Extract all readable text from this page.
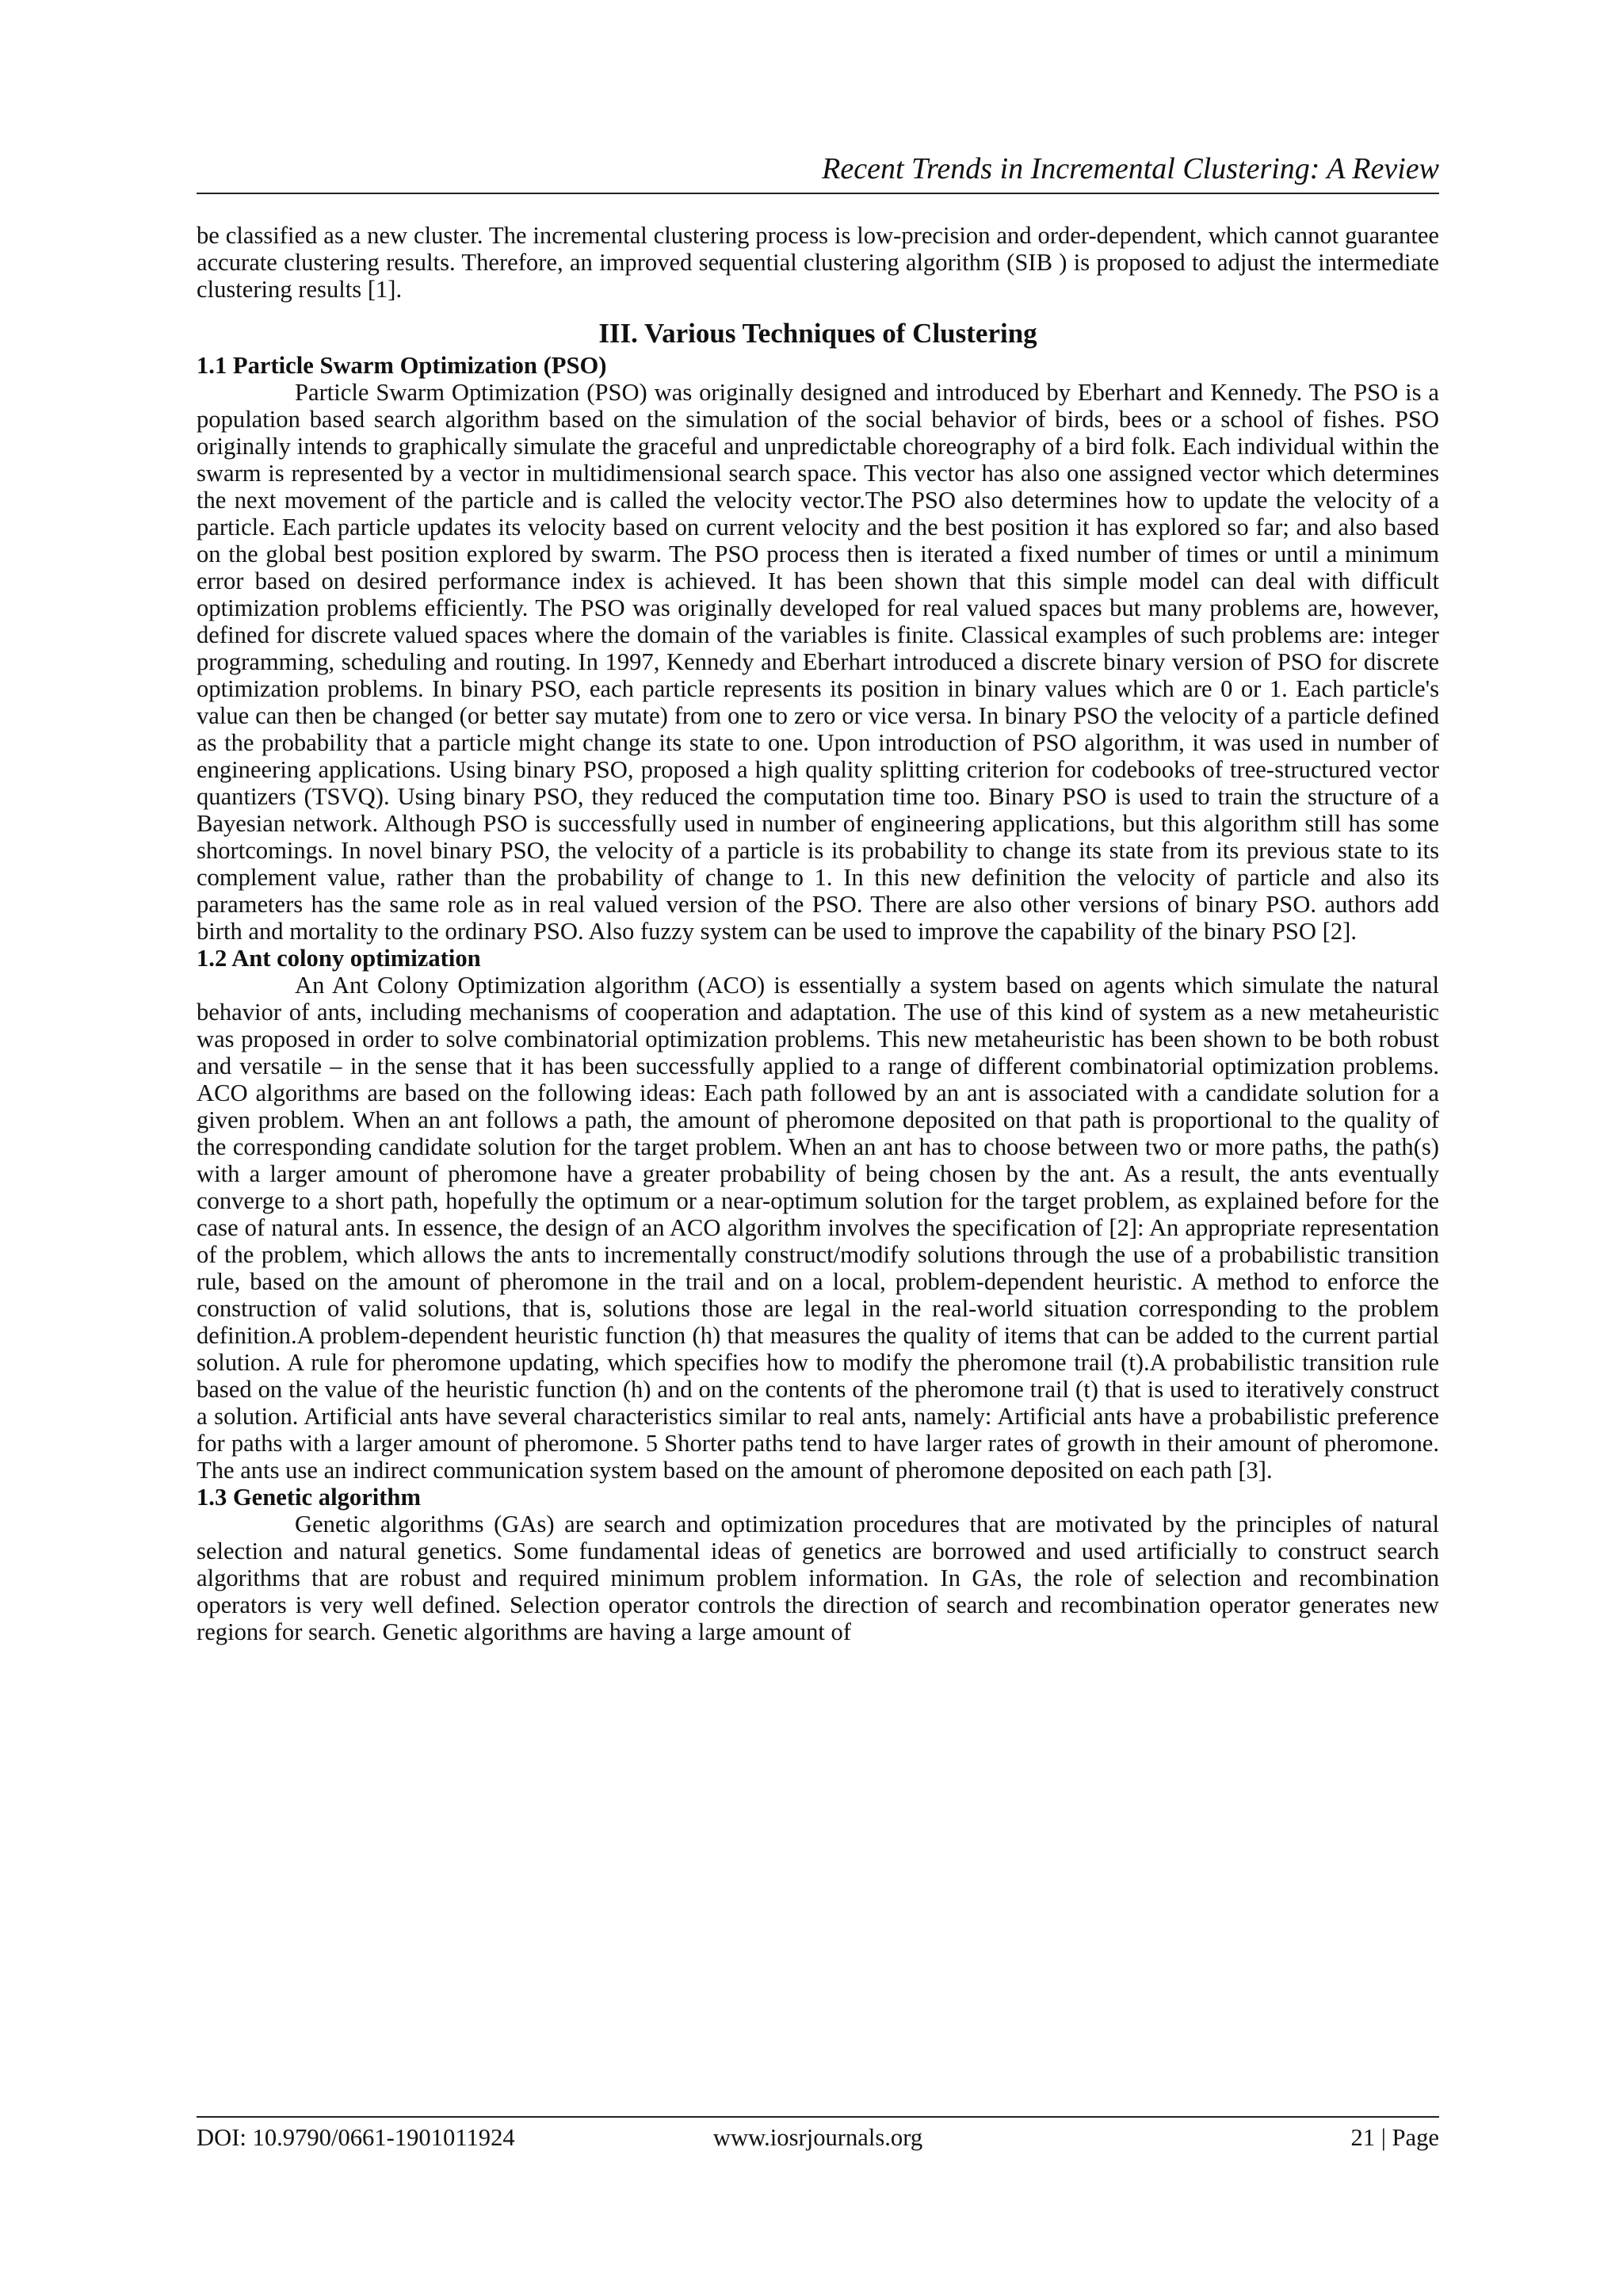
Recent Trends in Incremental Clustering: A Review

be classified as a new cluster. The incremental clustering process is low-precision and order-dependent, which cannot guarantee accurate clustering results. Therefore, an improved sequential clustering algorithm (SIB ) is proposed to adjust the intermediate clustering results [1].

III. Various Techniques of Clustering
1.1 Particle Swarm Optimization (PSO)

Particle Swarm Optimization (PSO) was originally designed and introduced by Eberhart and Kennedy. The PSO is a population based search algorithm based on the simulation of the social behavior of birds, bees or a school of fishes. PSO originally intends to graphically simulate the graceful and unpredictable choreography of a bird folk. Each individual within the swarm is represented by a vector in multidimensional search space. This vector has also one assigned vector which determines the next movement of the particle and is called the velocity vector.The PSO also determines how to update the velocity of a particle. Each particle updates its velocity based on current velocity and the best position it has explored so far; and also based on the global best position explored by swarm. The PSO process then is iterated a fixed number of times or until a minimum error based on desired performance index is achieved. It has been shown that this simple model can deal with difficult optimization problems efficiently. The PSO was originally developed for real valued spaces but many problems are, however, defined for discrete valued spaces where the domain of the variables is finite. Classical examples of such problems are: integer programming, scheduling and routing. In 1997, Kennedy and Eberhart introduced a discrete binary version of PSO for discrete optimization problems. In binary PSO, each particle represents its position in binary values which are 0 or 1. Each particle's value can then be changed (or better say mutate) from one to zero or vice versa. In binary PSO the velocity of a particle defined as the probability that a particle might change its state to one. Upon introduction of PSO algorithm, it was used in number of engineering applications. Using binary PSO, proposed a high quality splitting criterion for codebooks of tree-structured vector quantizers (TSVQ). Using binary PSO, they reduced the computation time too. Binary PSO is used to train the structure of a Bayesian network. Although PSO is successfully used in number of engineering applications, but this algorithm still has some shortcomings. In novel binary PSO, the velocity of a particle is its probability to change its state from its previous state to its complement value, rather than the probability of change to 1. In this new definition the velocity of particle and also its parameters has the same role as in real valued version of the PSO. There are also other versions of binary PSO. authors add birth and mortality to the ordinary PSO. Also fuzzy system can be used to improve the capability of the binary PSO [2].

1.2 Ant colony optimization

An Ant Colony Optimization algorithm (ACO) is essentially a system based on agents which simulate the natural behavior of ants, including mechanisms of cooperation and adaptation. The use of this kind of system as a new metaheuristic was proposed in order to solve combinatorial optimization problems. This new metaheuristic has been shown to be both robust and versatile – in the sense that it has been successfully applied to a range of different combinatorial optimization problems. ACO algorithms are based on the following ideas: Each path followed by an ant is associated with a candidate solution for a given problem. When an ant follows a path, the amount of pheromone deposited on that path is proportional to the quality of the corresponding candidate solution for the target problem. When an ant has to choose between two or more paths, the path(s) with a larger amount of pheromone have a greater probability of being chosen by the ant. As a result, the ants eventually converge to a short path, hopefully the optimum or a near-optimum solution for the target problem, as explained before for the case of natural ants. In essence, the design of an ACO algorithm involves the specification of [2]: An appropriate representation of the problem, which allows the ants to incrementally construct/modify solutions through the use of a probabilistic transition rule, based on the amount of pheromone in the trail and on a local, problem-dependent heuristic. A method to enforce the construction of valid solutions, that is, solutions those are legal in the real-world situation corresponding to the problem definition.A problem-dependent heuristic function (h) that measures the quality of items that can be added to the current partial solution. A rule for pheromone updating, which specifies how to modify the pheromone trail (t).A probabilistic transition rule based on the value of the heuristic function (h) and on the contents of the pheromone trail (t) that is used to iteratively construct a solution. Artificial ants have several characteristics similar to real ants, namely: Artificial ants have a probabilistic preference for paths with a larger amount of pheromone. 5 Shorter paths tend to have larger rates of growth in their amount of pheromone. The ants use an indirect communication system based on the amount of pheromone deposited on each path [3].

1.3 Genetic algorithm

Genetic algorithms (GAs) are search and optimization procedures that are motivated by the principles of natural selection and natural genetics. Some fundamental ideas of genetics are borrowed and used artificially to construct search algorithms that are robust and required minimum problem information. In GAs, the role of selection and recombination operators is very well defined. Selection operator controls the direction of search and recombination operator generates new regions for search. Genetic algorithms are having a large amount of

DOI: 10.9790/0661-1901011924	www.iosrjournals.org	21 | Page
